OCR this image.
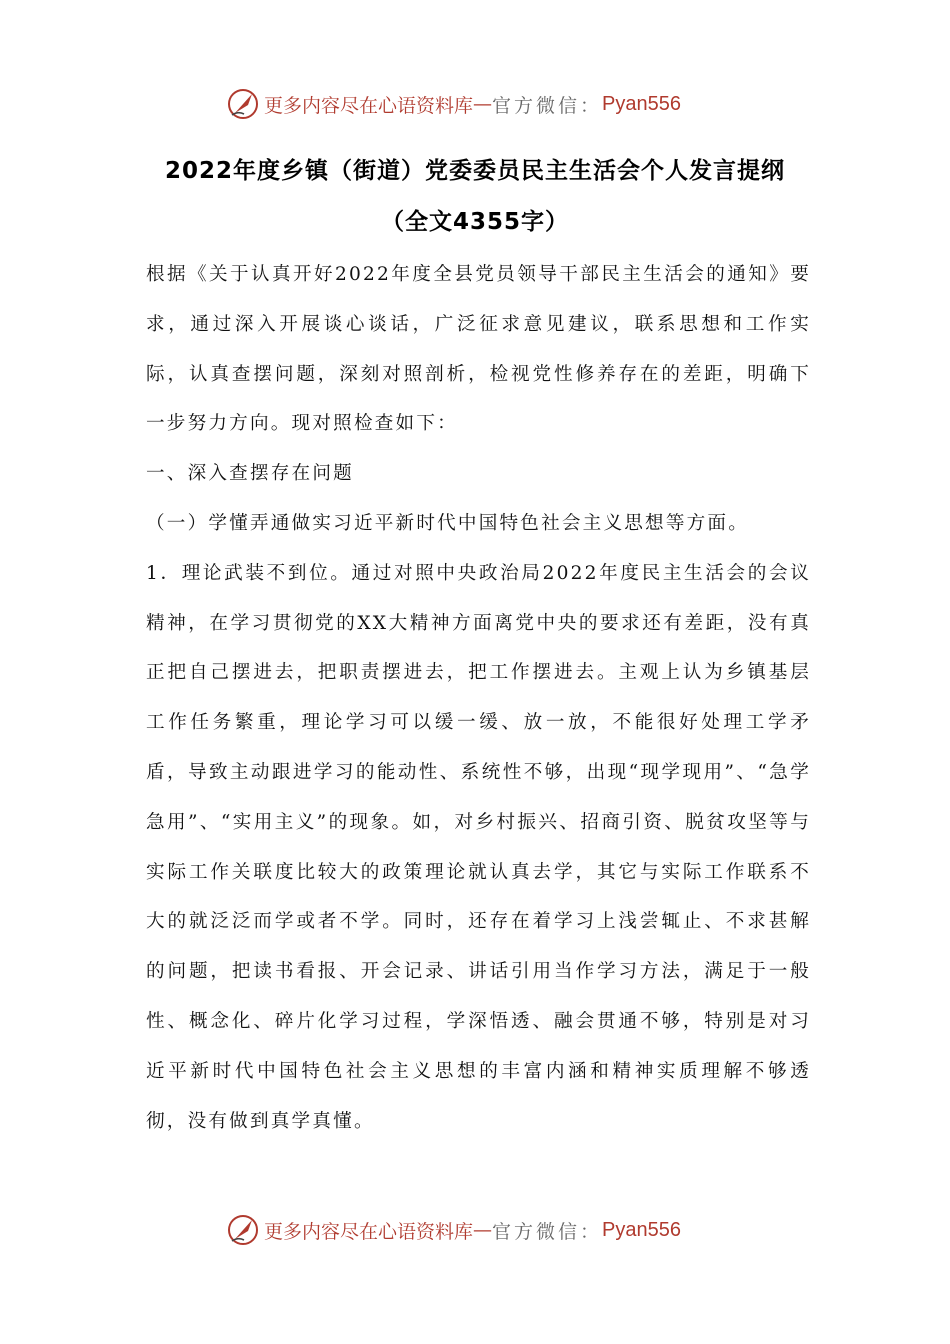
更多内容尽在心语资料库 — 官方微信： Pyan556
2022年度乡镇（街道）党委委员民主生活会个人发言提纲
（全文4355字）

根据《关于认真开好2022年度全县党员领导干部民主生活会的通知》要求，通过深入开展谈心谈话，广泛征求意见建议，联系思想和工作实际，认真查摆问题，深刻对照剖析，检视党性修养存在的差距，明确下一步努力方向。现对照检查如下：

一、深入查摆存在问题

（一）学懂弄通做实习近平新时代中国特色社会主义思想等方面。

1．理论武装不到位。通过对照中央政治局2022年度民主生活会的会议精神，在学习贯彻党的XX大精神方面离党中央的要求还有差距，没有真正把自己摆进去，把职责摆进去，把工作摆进去。主观上认为乡镇基层工作任务繁重，理论学习可以缓一缓、放一放，不能很好处理工学矛盾，导致主动跟进学习的能动性、系统性不够，出现“现学现用”、“急学急用”、“实用主义”的现象。如，对乡村振兴、招商引资、脱贫攻坚等与实际工作关联度比较大的政策理论就认真去学，其它与实际工作联系不大的就泛泛而学或者不学。同时，还存在着学习上浅尝辄止、不求甚解的问题，把读书看报、开会记录、讲话引用当作学习方法，满足于一般性、概念化、碎片化学习过程，学深悟透、融会贯通不够，特别是对习近平新时代中国特色社会主义思想的丰富内涵和精神实质理解不够透彻，没有做到真学真懂。

更多内容尽在心语资料库 — 官方微信： Pyan556
